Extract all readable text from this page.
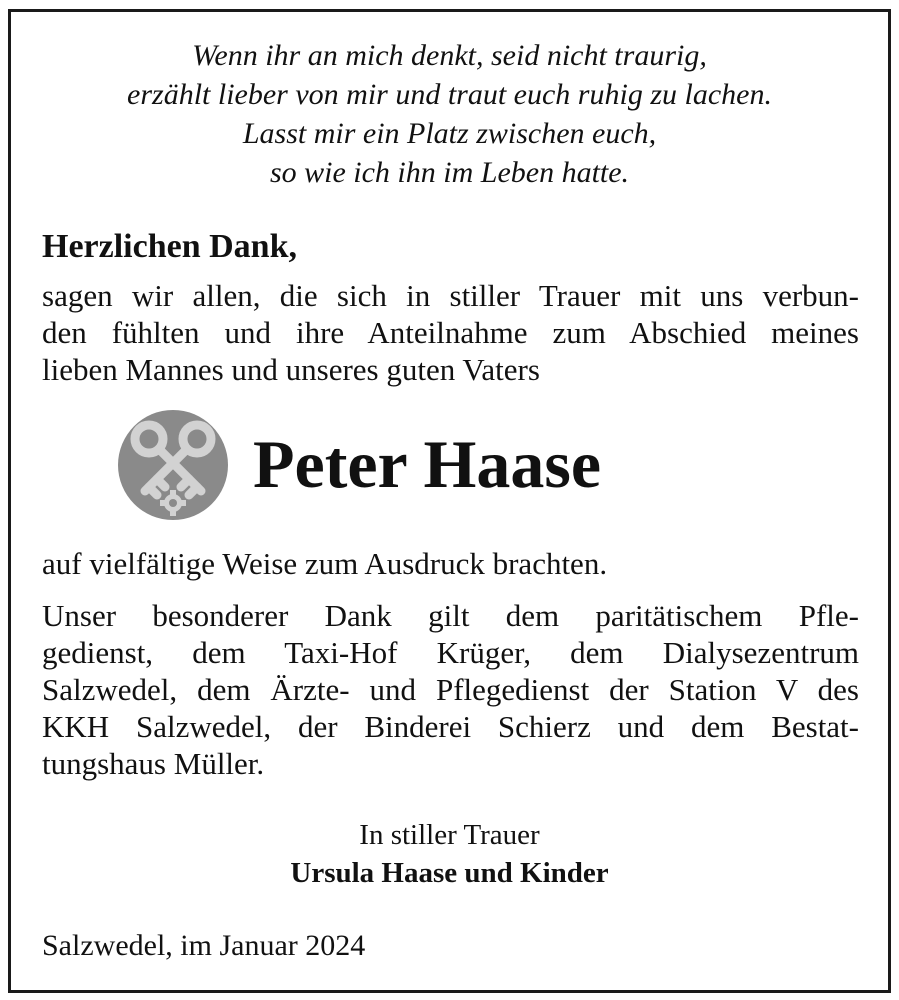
Wenn ihr an mich denkt, seid nicht traurig,
erzählt lieber von mir und traut euch ruhig zu lachen.
Lasst mir ein Platz zwischen euch,
so wie ich ihn im Leben hatte.
Herzlichen Dank,
sagen wir allen, die sich in stiller Trauer mit uns verbun-
den fühlten und ihre Anteilnahme zum Abschied meines
lieben Mannes und unseres guten Vaters
Peter Haase
auf vielfältige Weise zum Ausdruck brachten.
Unser besonderer Dank gilt dem paritätischem Pfle-
gedienst, dem Taxi-Hof Krüger, dem Dialysezentrum
Salzwedel, dem Ärzte- und Pflegedienst der Station V des
KKH Salzwedel, der Binderei Schierz und dem Bestat-
tungshaus Müller.
In stiller Trauer
Ursula Haase und Kinder
Salzwedel, im Januar 2024
